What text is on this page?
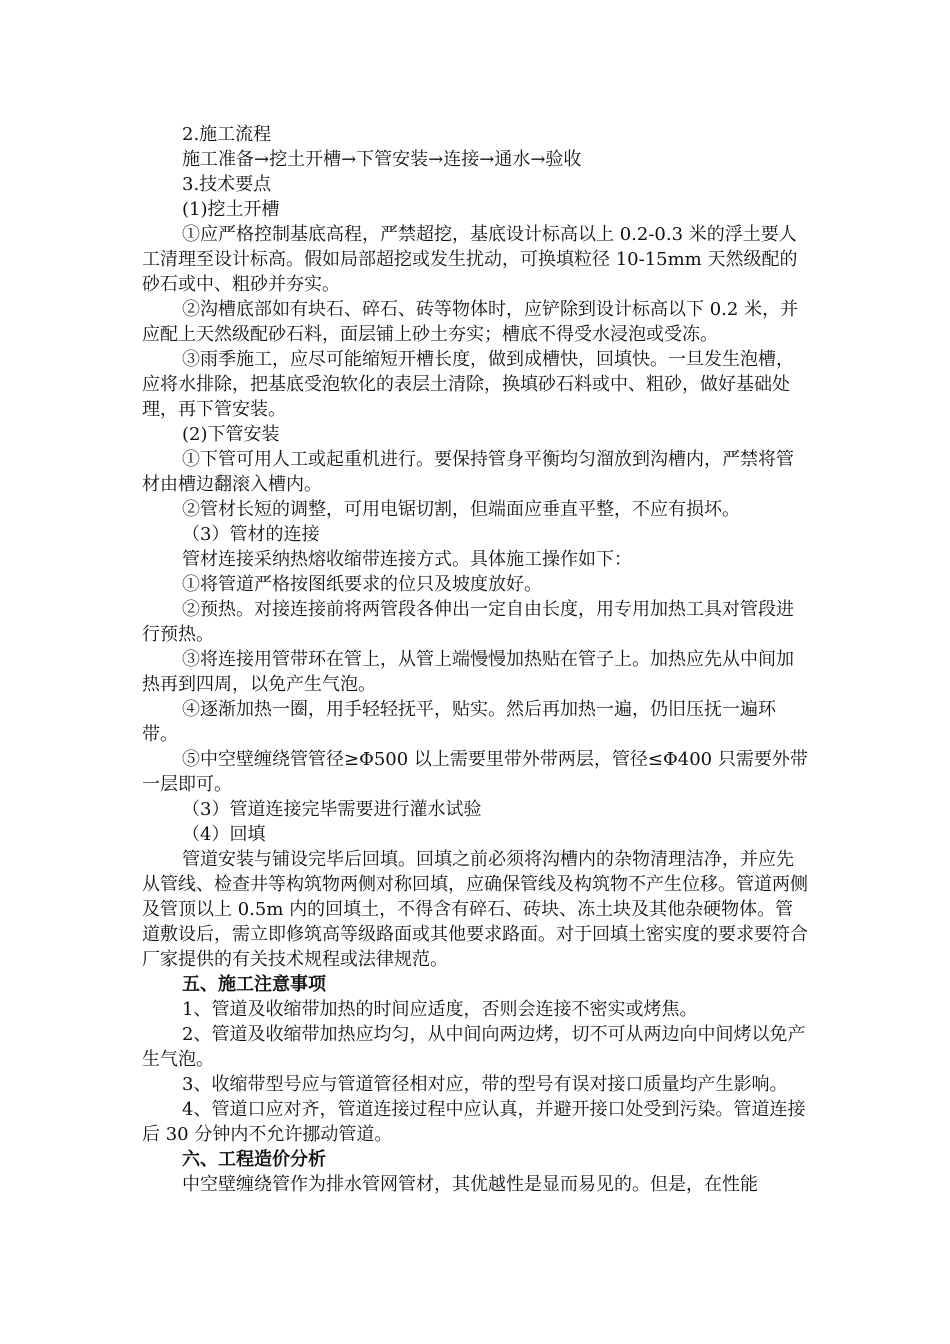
2.施工流程

施工准备→挖土开槽→下管安装→连接→通水→验收

3.技术要点

(1)挖土开槽

①应严格控制基底高程，严禁超挖，基底设计标高以上 0.2-0.3 米的浮土要人工清理至设计标高。假如局部超挖或发生扰动，可换填粒径 10-15mm 天然级配的砂石或中、粗砂并夯实。

②沟槽底部如有块石、碎石、砖等物体时，应铲除到设计标高以下 0.2 米，并应配上天然级配砂石料，面层铺上砂土夯实；槽底不得受水浸泡或受冻。

③雨季施工，应尽可能缩短开槽长度，做到成槽快，回填快。一旦发生泡槽，应将水排除，把基底受泡软化的表层土清除，换填砂石料或中、粗砂，做好基础处理，再下管安装。

(2)下管安装

①下管可用人工或起重机进行。要保持管身平衡均匀溜放到沟槽内，严禁将管材由槽边翻滚入槽内。

②管材长短的调整，可用电锯切割，但端面应垂直平整，不应有损坏。

（3）管材的连接

管材连接采纳热熔收缩带连接方式。具体施工操作如下：

①将管道严格按图纸要求的位只及坡度放好。

②预热。对接连接前将两管段各伸出一定自由长度，用专用加热工具对管段进行预热。

③将连接用管带环在管上，从管上端慢慢加热贴在管子上。加热应先从中间加热再到四周，以免产生气泡。

④逐渐加热一圈，用手轻轻抚平，贴实。然后再加热一遍，仍旧压抚一遍环带。

⑤中空壁缠绕管管径≥Φ500 以上需要里带外带两层，管径≤Φ400 只需要外带一层即可。

（3）管道连接完毕需要进行灌水试验

（4）回填

管道安装与铺设完毕后回填。回填之前必须将沟槽内的杂物清理洁净，并应先从管线、检查井等构筑物两侧对称回填，应确保管线及构筑物不产生位移。管道两侧及管顶以上 0.5m 内的回填土，不得含有碎石、砖块、冻土块及其他杂硬物体。管道敷设后，需立即修筑高等级路面或其他要求路面。对于回填土密实度的要求要符合厂家提供的有关技术规程或法律规范。

五、施工注意事项

1、管道及收缩带加热的时间应适度，否则会连接不密实或烤焦。

2、管道及收缩带加热应均匀，从中间向两边烤，切不可从两边向中间烤以免产生气泡。

3、收缩带型号应与管道管径相对应，带的型号有误对接口质量均产生影响。

4、管道口应对齐，管道连接过程中应认真，并避开接口处受到污染。管道连接后 30 分钟内不允许挪动管道。

六、工程造价分析

中空壁缠绕管作为排水管网管材，其优越性是显而易见的。但是，在性能
